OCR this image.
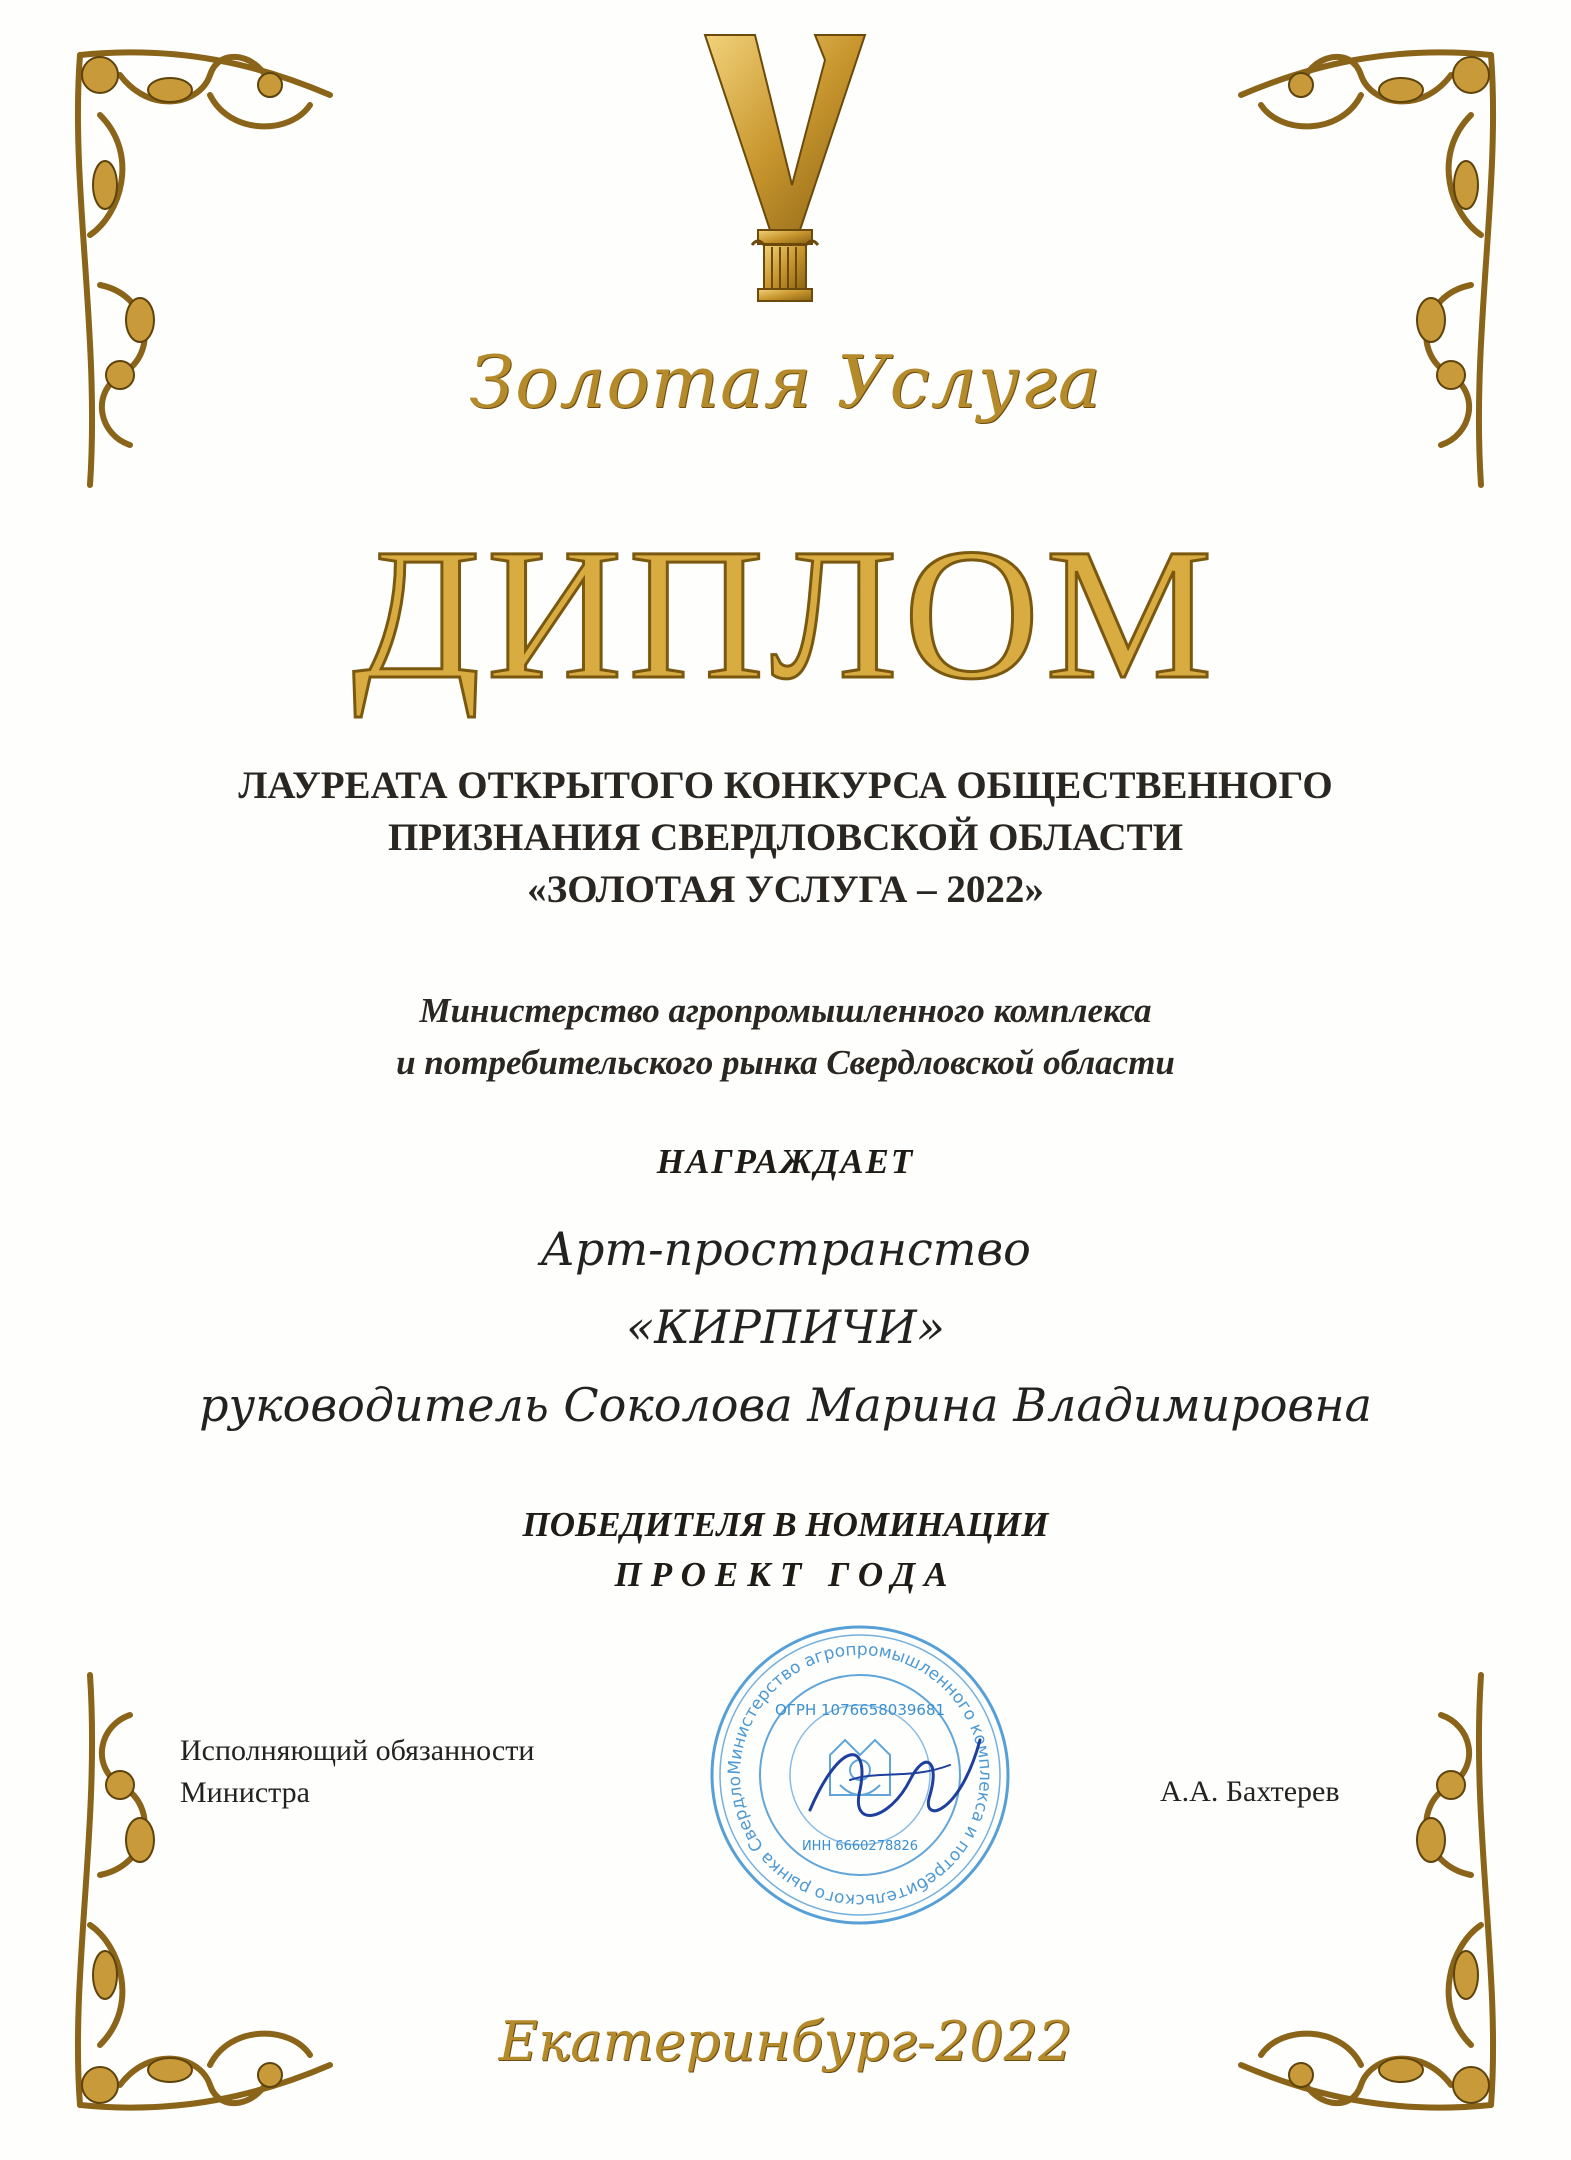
Золотая Услуга
ДИПЛОМ
ЛАУРЕАТА ОТКРЫТОГО КОНКУРСА ОБЩЕСТВЕННОГО
ПРИЗНАНИЯ СВЕРДЛОВСКОЙ ОБЛАСТИ
«ЗОЛОТАЯ УСЛУГА – 2022»
Министерство агропромышленного комплекса
и потребительского рынка Свердловской области
НАГРАЖДАЕТ
Арт-пространство
«КИРПИЧИ»
руководитель Соколова Марина Владимировна
ПОБЕДИТЕЛЯ В НОМИНАЦИИ
ПРОЕКТ ГОДА
Исполняющий обязанности
Министра
Министерство агропромышленного комплекса и потребительского рынка Свердло
ОГРН 1076658039681
ИНН 6660278826
А.А. Бахтерев
Екатеринбург-2022
